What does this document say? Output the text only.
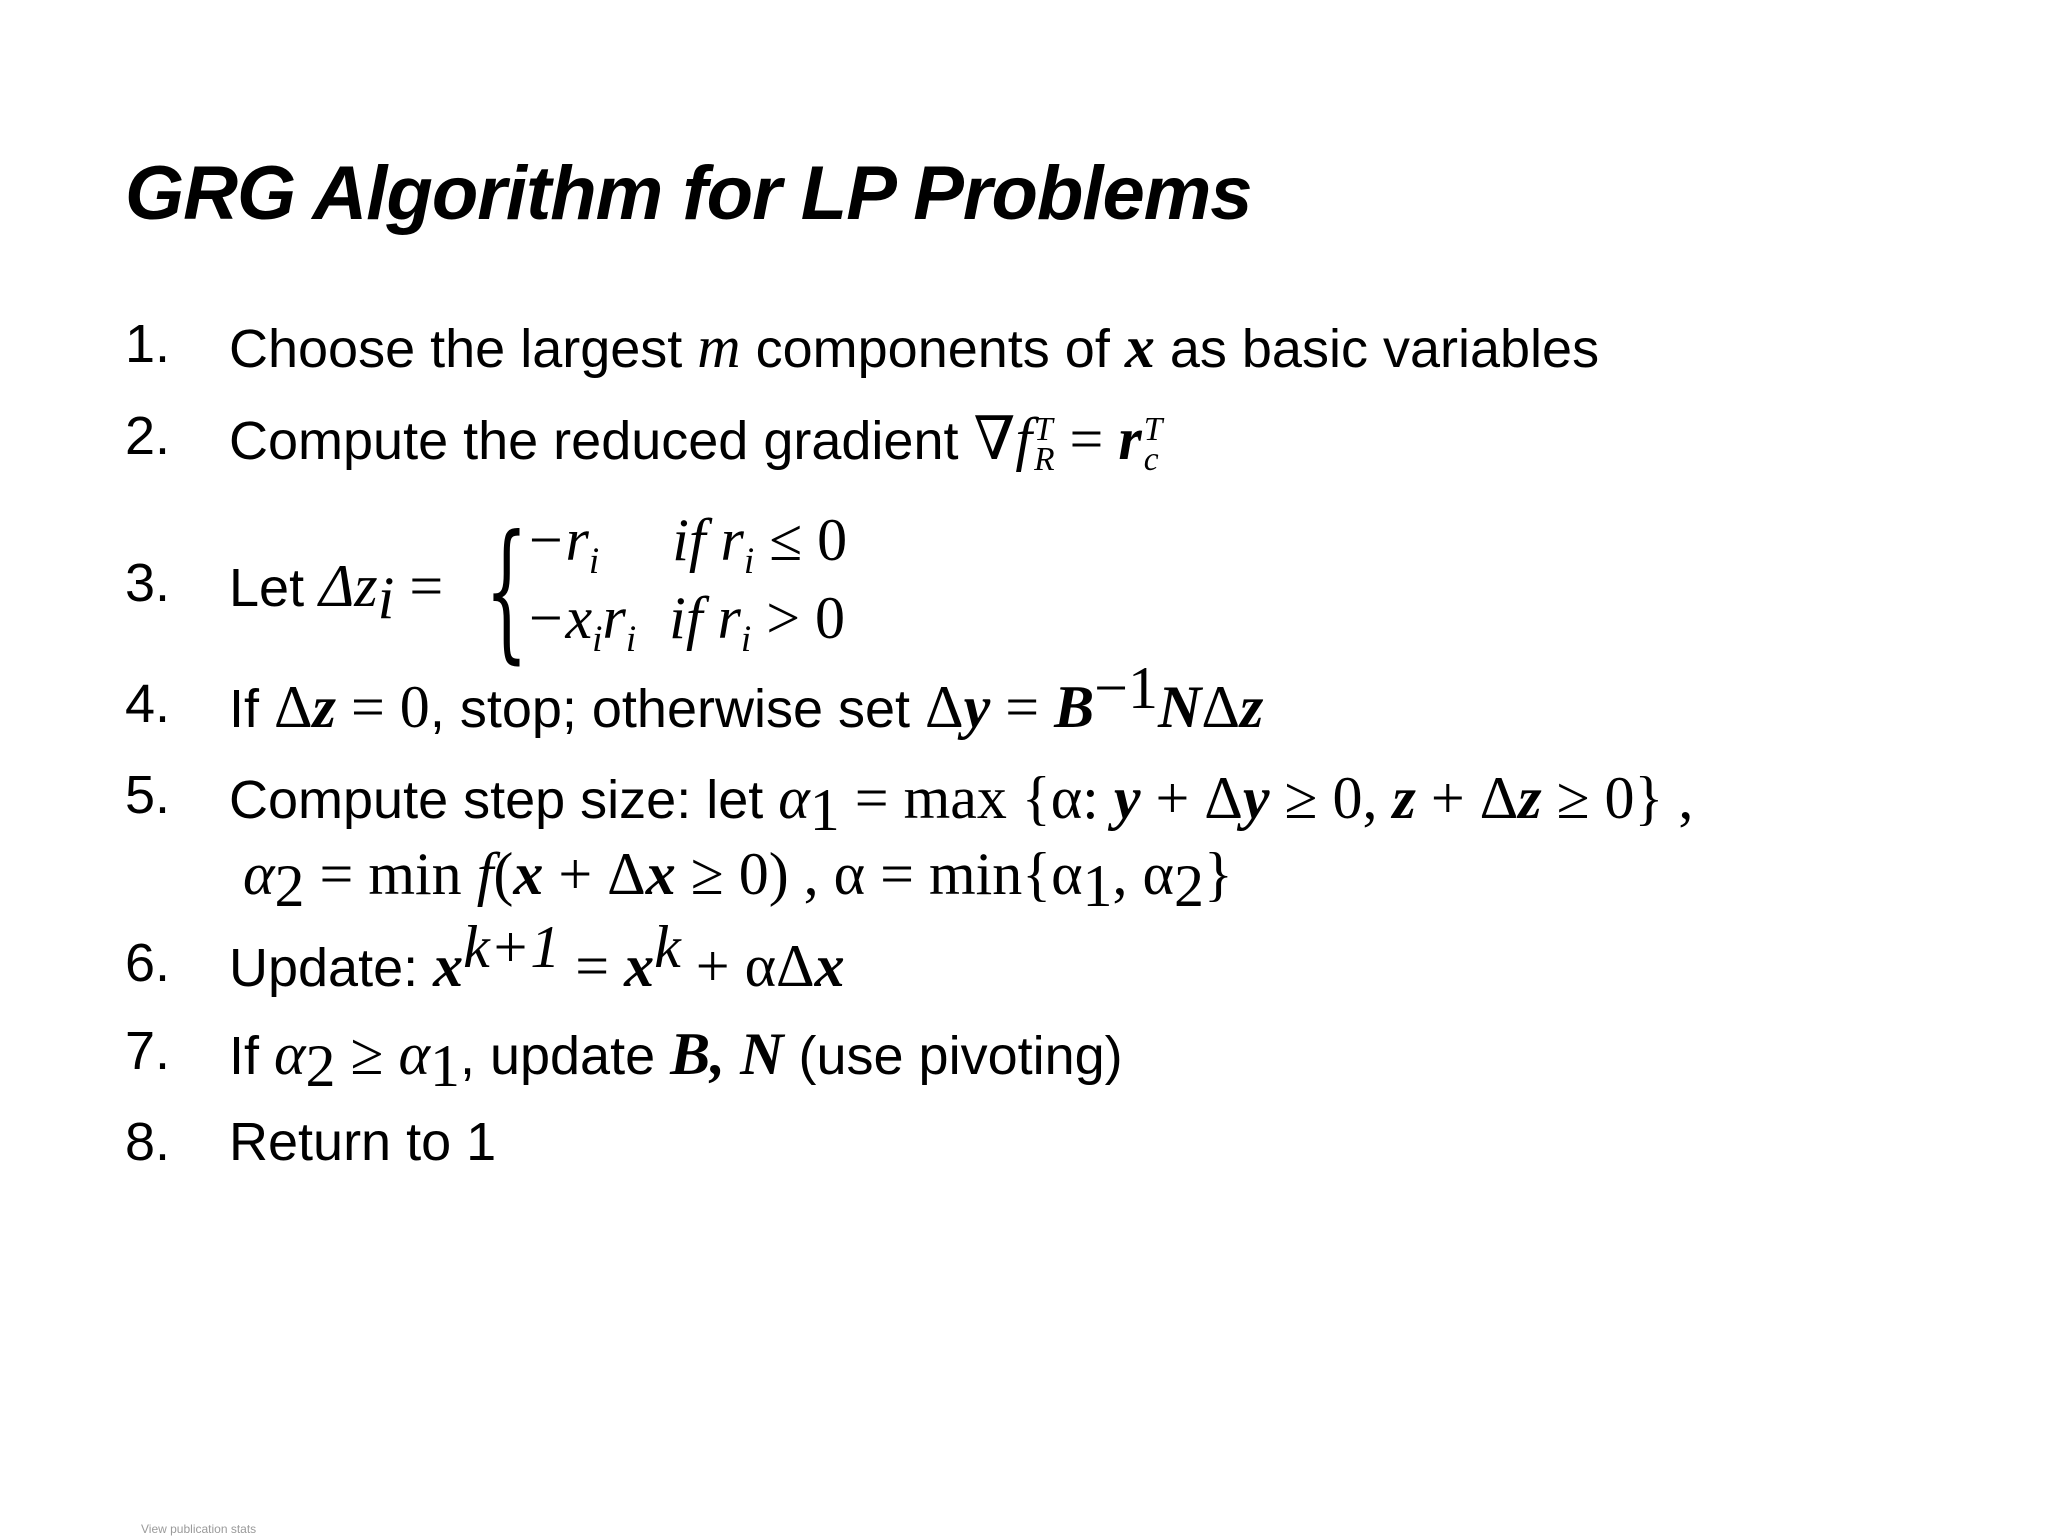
GRG Algorithm for LP Problems
1. Choose the largest m components of x as basic variables
2. Compute the reduced gradient ∇fT
R = rT
c
3. Let $\Delta z_i$ = {
$-r_i$ if $r_i \le 0$
$-x_ir_i$ if $r_i > 0$
4. If Δz = 0, stop; otherwise set $\Delta y = B^{-1}N\Delta z$
5. Compute step size: let $\alpha_1 = \max \{\alpha$: y + Δy ≥ 0, z + Δz ≥ 0} ,
$\alpha_2 = \min f(x + \Delta x \ge 0)$ , $\alpha = \min\{\alpha_1$, $\alpha_2$}
6. Update: $x^{k+1} = x^k + \alpha\Delta x$
7. If $\alpha_2 \ge \alpha_1$, update B, N (use pivoting)
8. Return to 1
View publication stats
